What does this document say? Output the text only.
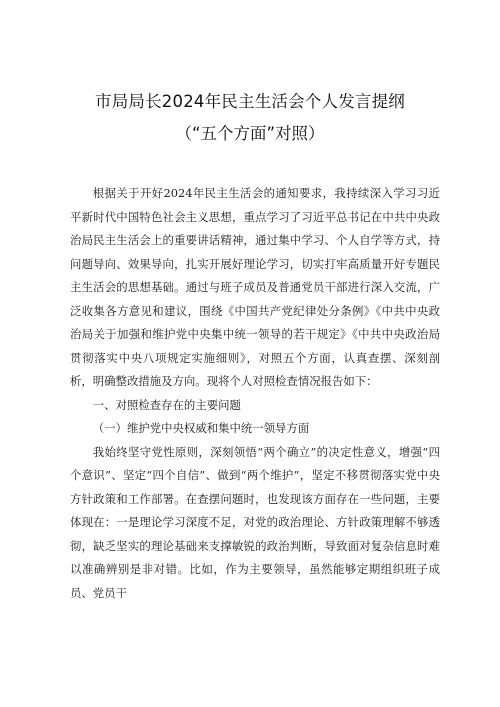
市局局长2024年民主生活会个人发言提纲
（“五个方面”对照）

根据关于开好2024年民主生活会的通知要求，我持续深入学习习近平新时代中国特色社会主义思想，重点学习了习近平总书记在中共中央政治局民主生活会上的重要讲话精神，通过集中学习、个人自学等方式，持问题导向、效果导向，扎实开展好理论学习，切实打牢高质量开好专题民主生活会的思想基础。通过与班子成员及普通党员干部进行深入交流，广泛收集各方意见和建议，围绕《中国共产党纪律处分条例》《中共中央政治局关于加强和维护党中央集中统一领导的若干规定》《中共中央政治局贯彻落实中央八项规定实施细则》，对照五个方面，认真查摆、深刻剖析，明确整改措施及方向。现将个人对照检查情况报告如下：

一、对照检查存在的主要问题

（一）维护党中央权威和集中统一领导方面

我始终坚守党性原则，深刻领悟“两个确立”的决定性意义，增强“四个意识”、坚定“四个自信”、做到“两个维护”，坚定不移贯彻落实党中央方针政策和工作部署。在查摆问题时，也发现该方面存在一些问题，主要体现在：一是理论学习深度不足，对党的政治理论、方针政策理解不够透彻，缺乏坚实的理论基础来支撑敏锐的政治判断，导致面对复杂信息时难以准确辨别是非对错。比如，作为主要领导，虽然能够定期组织班子成员、党员干
